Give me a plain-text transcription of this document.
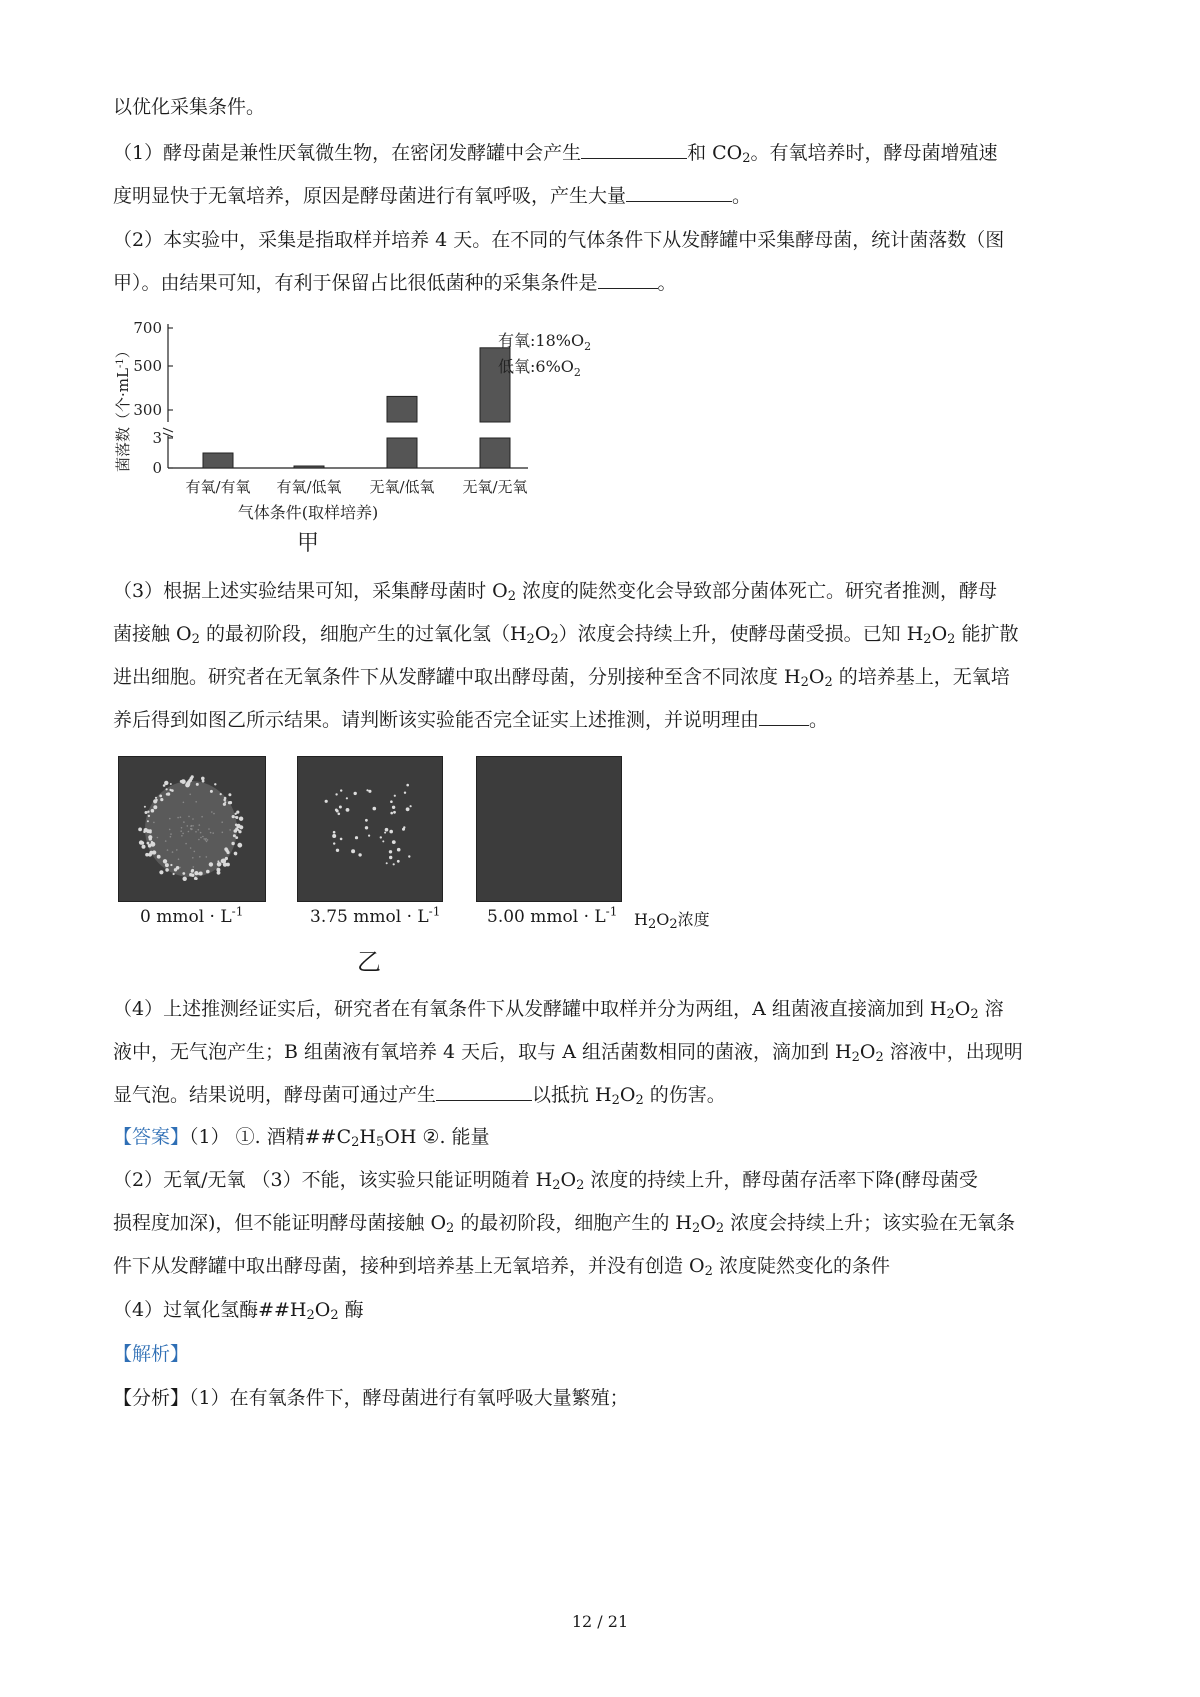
以优化采集条件。
（1）酵母菌是兼性厌氧微生物，在密闭发酵罐中会产生	和 $CO_2$。有氧培养时，酵母菌增殖速
度明显快于无氧培养，原因是酵母菌进行有氧呼吸，产生大量	。
（2）本实验中，采集是指取样并培养 4 天。在不同的气体条件下从发酵罐中采集酵母菌，统计菌落数（图
甲）。由结果可知，有利于保留占比很低菌种的采集条件是	。
700
500
300
3
0
菌落数（个$\cdot mL^{-1}$）
有氧/有氧 有氧/低氧 无氧/低氧 无氧/无氧
气体条件(取样培养)
甲
有氧$:18\%O_2$
低氧$:6\%O_2$
（3）根据上述实验结果可知，采集酵母菌时 $O_2$ 浓度的陡然变化会导致部分菌体死亡。研究者推测，酵母
菌接触 $O_2$ 的最初阶段，细胞产生的过氧化氢$(H_2O_2)$浓度会持续上升，使酵母菌受损。已知 $H_2O_2$ 能扩散
进出细胞。研究者在无氧条件下从发酵罐中取出酵母菌，分别接种至含不同浓度 $H_2O_2$ 的培养基上，无氧培
养后得到如图乙所示结果。请判断该实验能否完全证实上述推测，并说明理由	。
0 mmol · $L^{-1}$	3.75 mmol · $L^{-1}$	5.00 mmol · $L^{-1}$ $H_2O_2$浓度
乙
（4）上述推测经证实后，研究者在有氧条件下从发酵罐中取样并分为两组，A 组菌液直接滴加到 $H_2O_2$ 溶
液中，无气泡产生；B 组菌液有氧培养 4 天后，取与 A 组活菌数相同的菌液，滴加到 $H_2O_2$ 溶液中，出现明
显气泡。结果说明，酵母菌可通过产生	以抵抗 $H_2O_2$ 的伤害。
【答案】（1） ①. 酒精$\#\#C_2H_5OH$ ②. 能量
（2）无氧/无氧 （3）不能，该实验只能证明随着 $H_2O_2$ 浓度的持续上升，酵母菌存活率下降(酵母菌受
损程度加深)，但不能证明酵母菌接触 $O_2$ 的最初阶段，细胞产生的 $H_2O_2$ 浓度会持续上升；该实验在无氧条
件下从发酵罐中取出酵母菌，接种到培养基上无氧培养，并没有创造 $O_2$ 浓度陡然变化的条件
（4）过氧化氢酶$\#\#H_2O_2$ 酶
【解析】
【分析】（1）在有氧条件下，酵母菌进行有氧呼吸大量繁殖；
12 / 21
